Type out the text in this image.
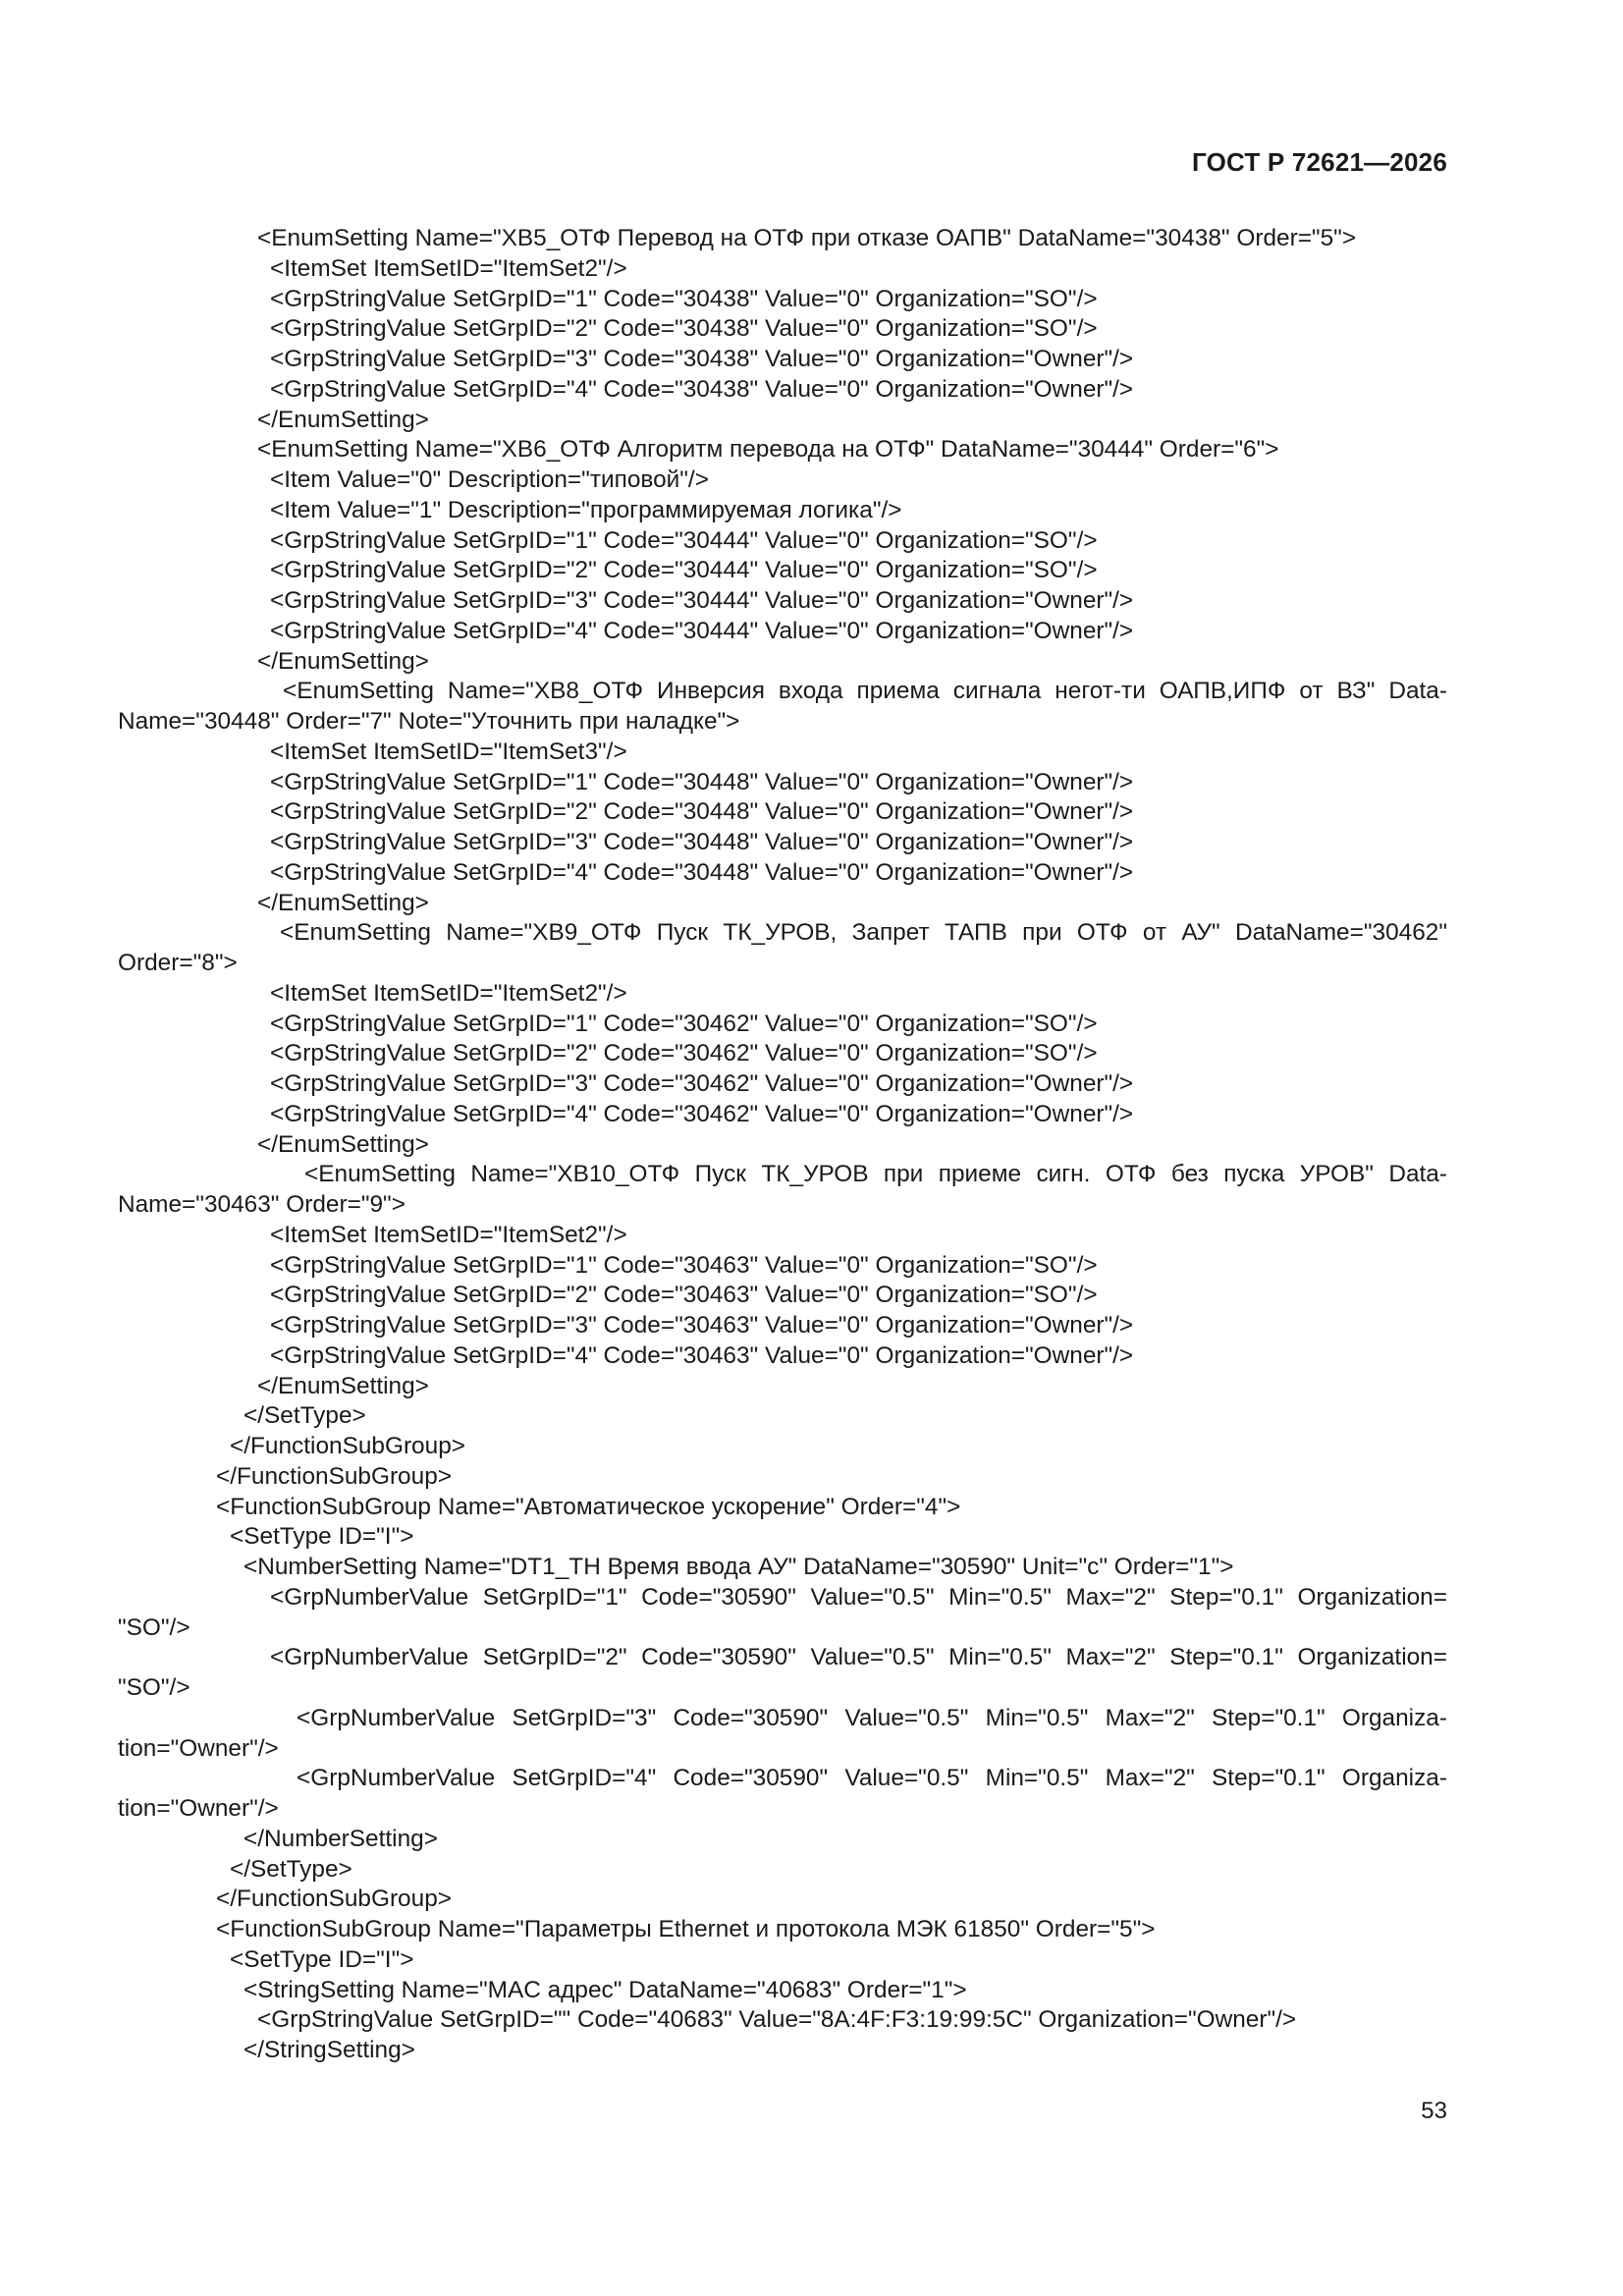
ГОСТ Р 72621—2026
<EnumSetting Name="XB5_ОТФ Перевод на ОТФ при отказе ОАПВ" DataName="30438" Order="5">
<ItemSet ItemSetID="ItemSet2"/>
<GrpStringValue SetGrpID="1" Code="30438" Value="0" Organization="SO"/>
<GrpStringValue SetGrpID="2" Code="30438" Value="0" Organization="SO"/>
<GrpStringValue SetGrpID="3" Code="30438" Value="0" Organization="Owner"/>
<GrpStringValue SetGrpID="4" Code="30438" Value="0" Organization="Owner"/>
</EnumSetting>
<EnumSetting Name="XB6_ОТФ Алгоритм перевода на ОТФ" DataName="30444" Order="6">
<Item Value="0" Description="типовой"/>
<Item Value="1" Description="программируемая логика"/>
<GrpStringValue SetGrpID="1" Code="30444" Value="0" Organization="SO"/>
<GrpStringValue SetGrpID="2" Code="30444" Value="0" Organization="SO"/>
<GrpStringValue SetGrpID="3" Code="30444" Value="0" Organization="Owner"/>
<GrpStringValue SetGrpID="4" Code="30444" Value="0" Organization="Owner"/>
</EnumSetting>
<EnumSetting Name="XB8_ОТФ Инверсия входа приема сигнала негот-ти ОАПВ,ИПФ от ВЗ" Data-
Name="30448" Order="7" Note="Уточнить при наладке">
<ItemSet ItemSetID="ItemSet3"/>
<GrpStringValue SetGrpID="1" Code="30448" Value="0" Organization="Owner"/>
<GrpStringValue SetGrpID="2" Code="30448" Value="0" Organization="Owner"/>
<GrpStringValue SetGrpID="3" Code="30448" Value="0" Organization="Owner"/>
<GrpStringValue SetGrpID="4" Code="30448" Value="0" Organization="Owner"/>
</EnumSetting>
<EnumSetting Name="XB9_ОТФ Пуск ТК_УРОВ, Запрет ТАПВ при ОТФ от АУ" DataName="30462"
Order="8">
<ItemSet ItemSetID="ItemSet2"/>
<GrpStringValue SetGrpID="1" Code="30462" Value="0" Organization="SO"/>
<GrpStringValue SetGrpID="2" Code="30462" Value="0" Organization="SO"/>
<GrpStringValue SetGrpID="3" Code="30462" Value="0" Organization="Owner"/>
<GrpStringValue SetGrpID="4" Code="30462" Value="0" Organization="Owner"/>
</EnumSetting>
<EnumSetting Name="XB10_ОТФ Пуск ТК_УРОВ при приеме сигн. ОТФ без пуска УРОВ" Data-
Name="30463" Order="9">
<ItemSet ItemSetID="ItemSet2"/>
<GrpStringValue SetGrpID="1" Code="30463" Value="0" Organization="SO"/>
<GrpStringValue SetGrpID="2" Code="30463" Value="0" Organization="SO"/>
<GrpStringValue SetGrpID="3" Code="30463" Value="0" Organization="Owner"/>
<GrpStringValue SetGrpID="4" Code="30463" Value="0" Organization="Owner"/>
</EnumSetting>
</SetType>
</FunctionSubGroup>
</FunctionSubGroup>
<FunctionSubGroup Name="Автоматическое ускорение" Order="4">
<SetType ID="I">
<NumberSetting Name="DT1_TH Время ввода АУ" DataName="30590" Unit="c" Order="1">
<GrpNumberValue SetGrpID="1" Code="30590" Value="0.5" Min="0.5" Max="2" Step="0.1" Organization=
"SO"/>
<GrpNumberValue SetGrpID="2" Code="30590" Value="0.5" Min="0.5" Max="2" Step="0.1" Organization=
"SO"/>
<GrpNumberValue SetGrpID="3" Code="30590" Value="0.5" Min="0.5" Max="2" Step="0.1" Organiza-
tion="Owner"/>
<GrpNumberValue SetGrpID="4" Code="30590" Value="0.5" Min="0.5" Max="2" Step="0.1" Organiza-
tion="Owner"/>
</NumberSetting>
</SetType>
</FunctionSubGroup>
<FunctionSubGroup Name="Параметры Ethernet и протокола МЭК 61850" Order="5">
<SetType ID="I">
<StringSetting Name="MAC адрес" DataName="40683" Order="1">
<GrpStringValue SetGrpID="" Code="40683" Value="8A:4F:F3:19:99:5C" Organization="Owner"/>
</StringSetting>
53
